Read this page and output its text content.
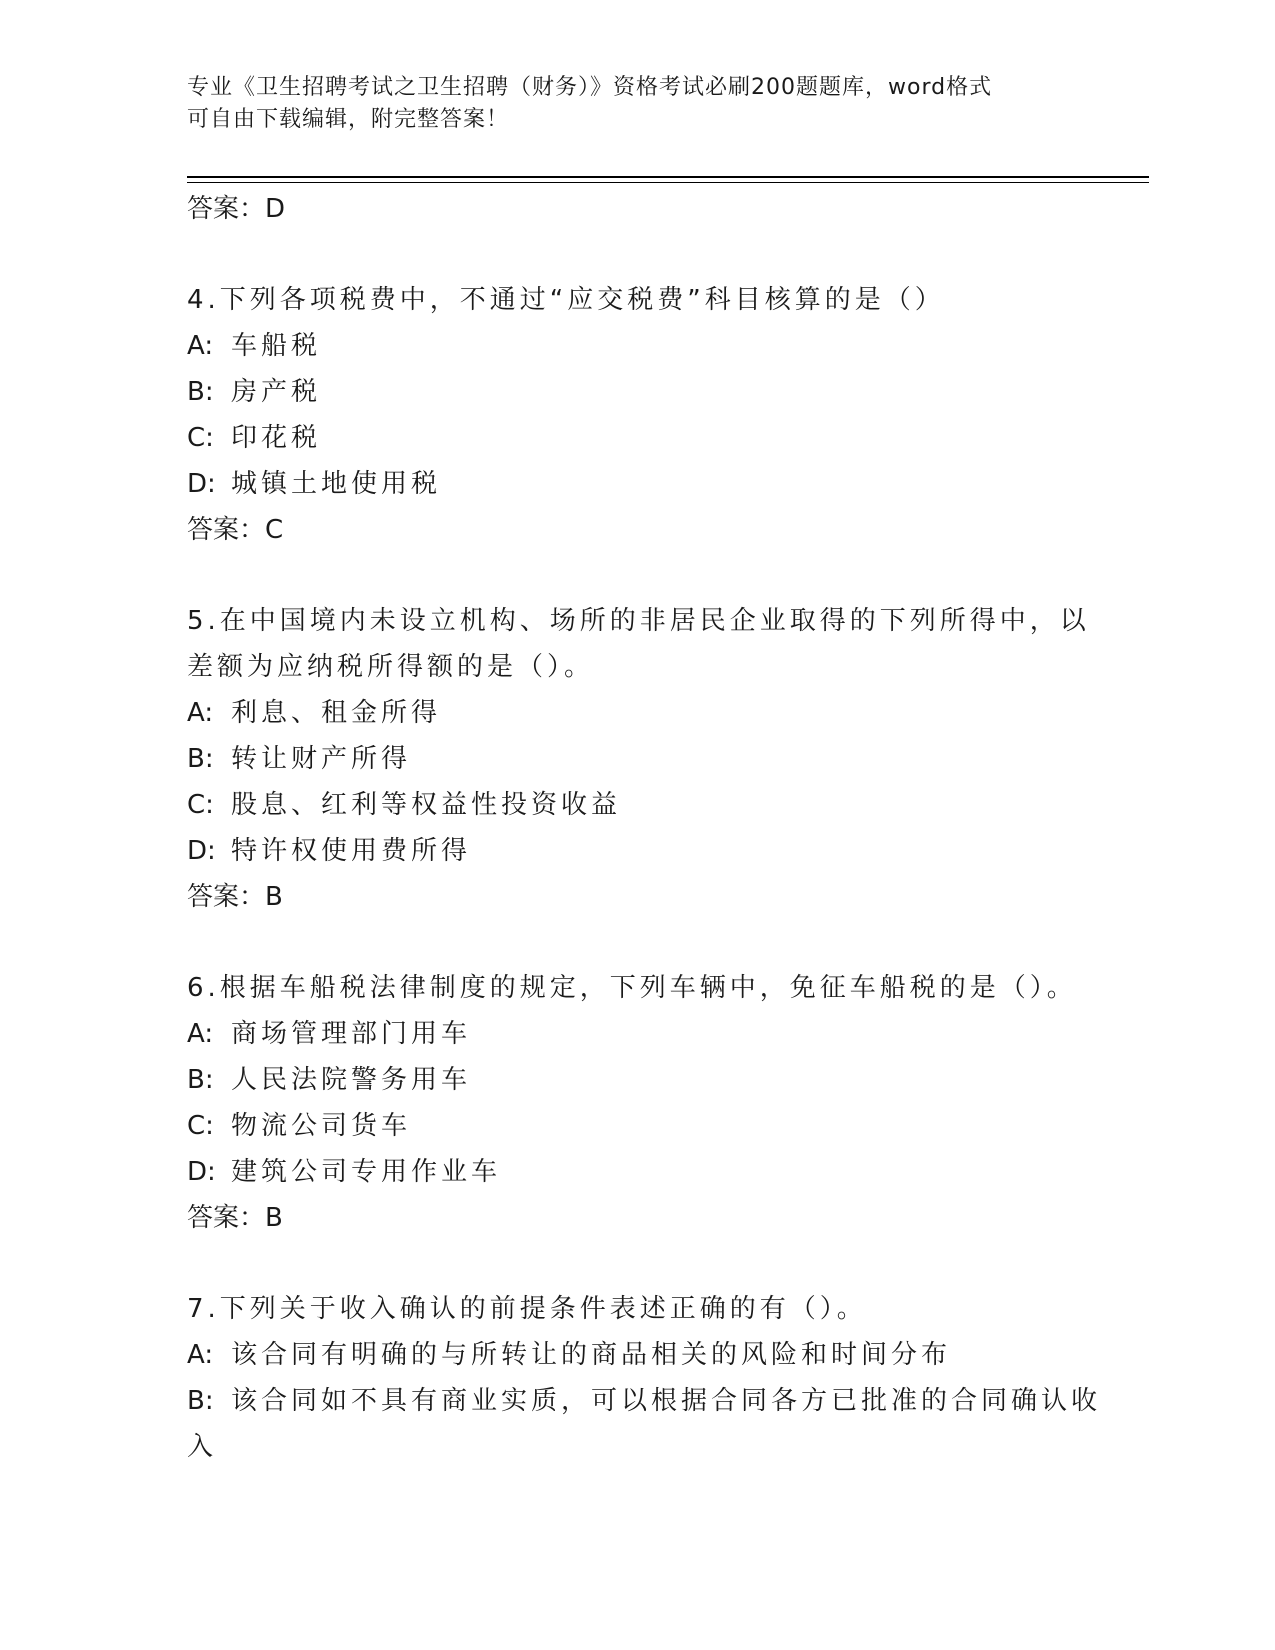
专业《卫生招聘考试之卫生招聘（财务）》资格考试必刷200题题库，word格式
可自由下载编辑，附完整答案！
答案：D
4.下列各项税费中，不通过“应交税费”科目核算的是（）
A: 车船税
B: 房产税
C: 印花税
D: 城镇土地使用税
答案：C
5.在中国境内未设立机构、场所的非居民企业取得的下列所得中，以
差额为应纳税所得额的是（）。
A: 利息、租金所得
B: 转让财产所得
C: 股息、红利等权益性投资收益
D: 特许权使用费所得
答案：B
6.根据车船税法律制度的规定，下列车辆中，免征车船税的是（）。
A: 商场管理部门用车
B: 人民法院警务用车
C: 物流公司货车
D: 建筑公司专用作业车
答案：B
7.下列关于收入确认的前提条件表述正确的有（）。
A: 该合同有明确的与所转让的商品相关的风险和时间分布
B: 该合同如不具有商业实质，可以根据合同各方已批准的合同确认收
入
